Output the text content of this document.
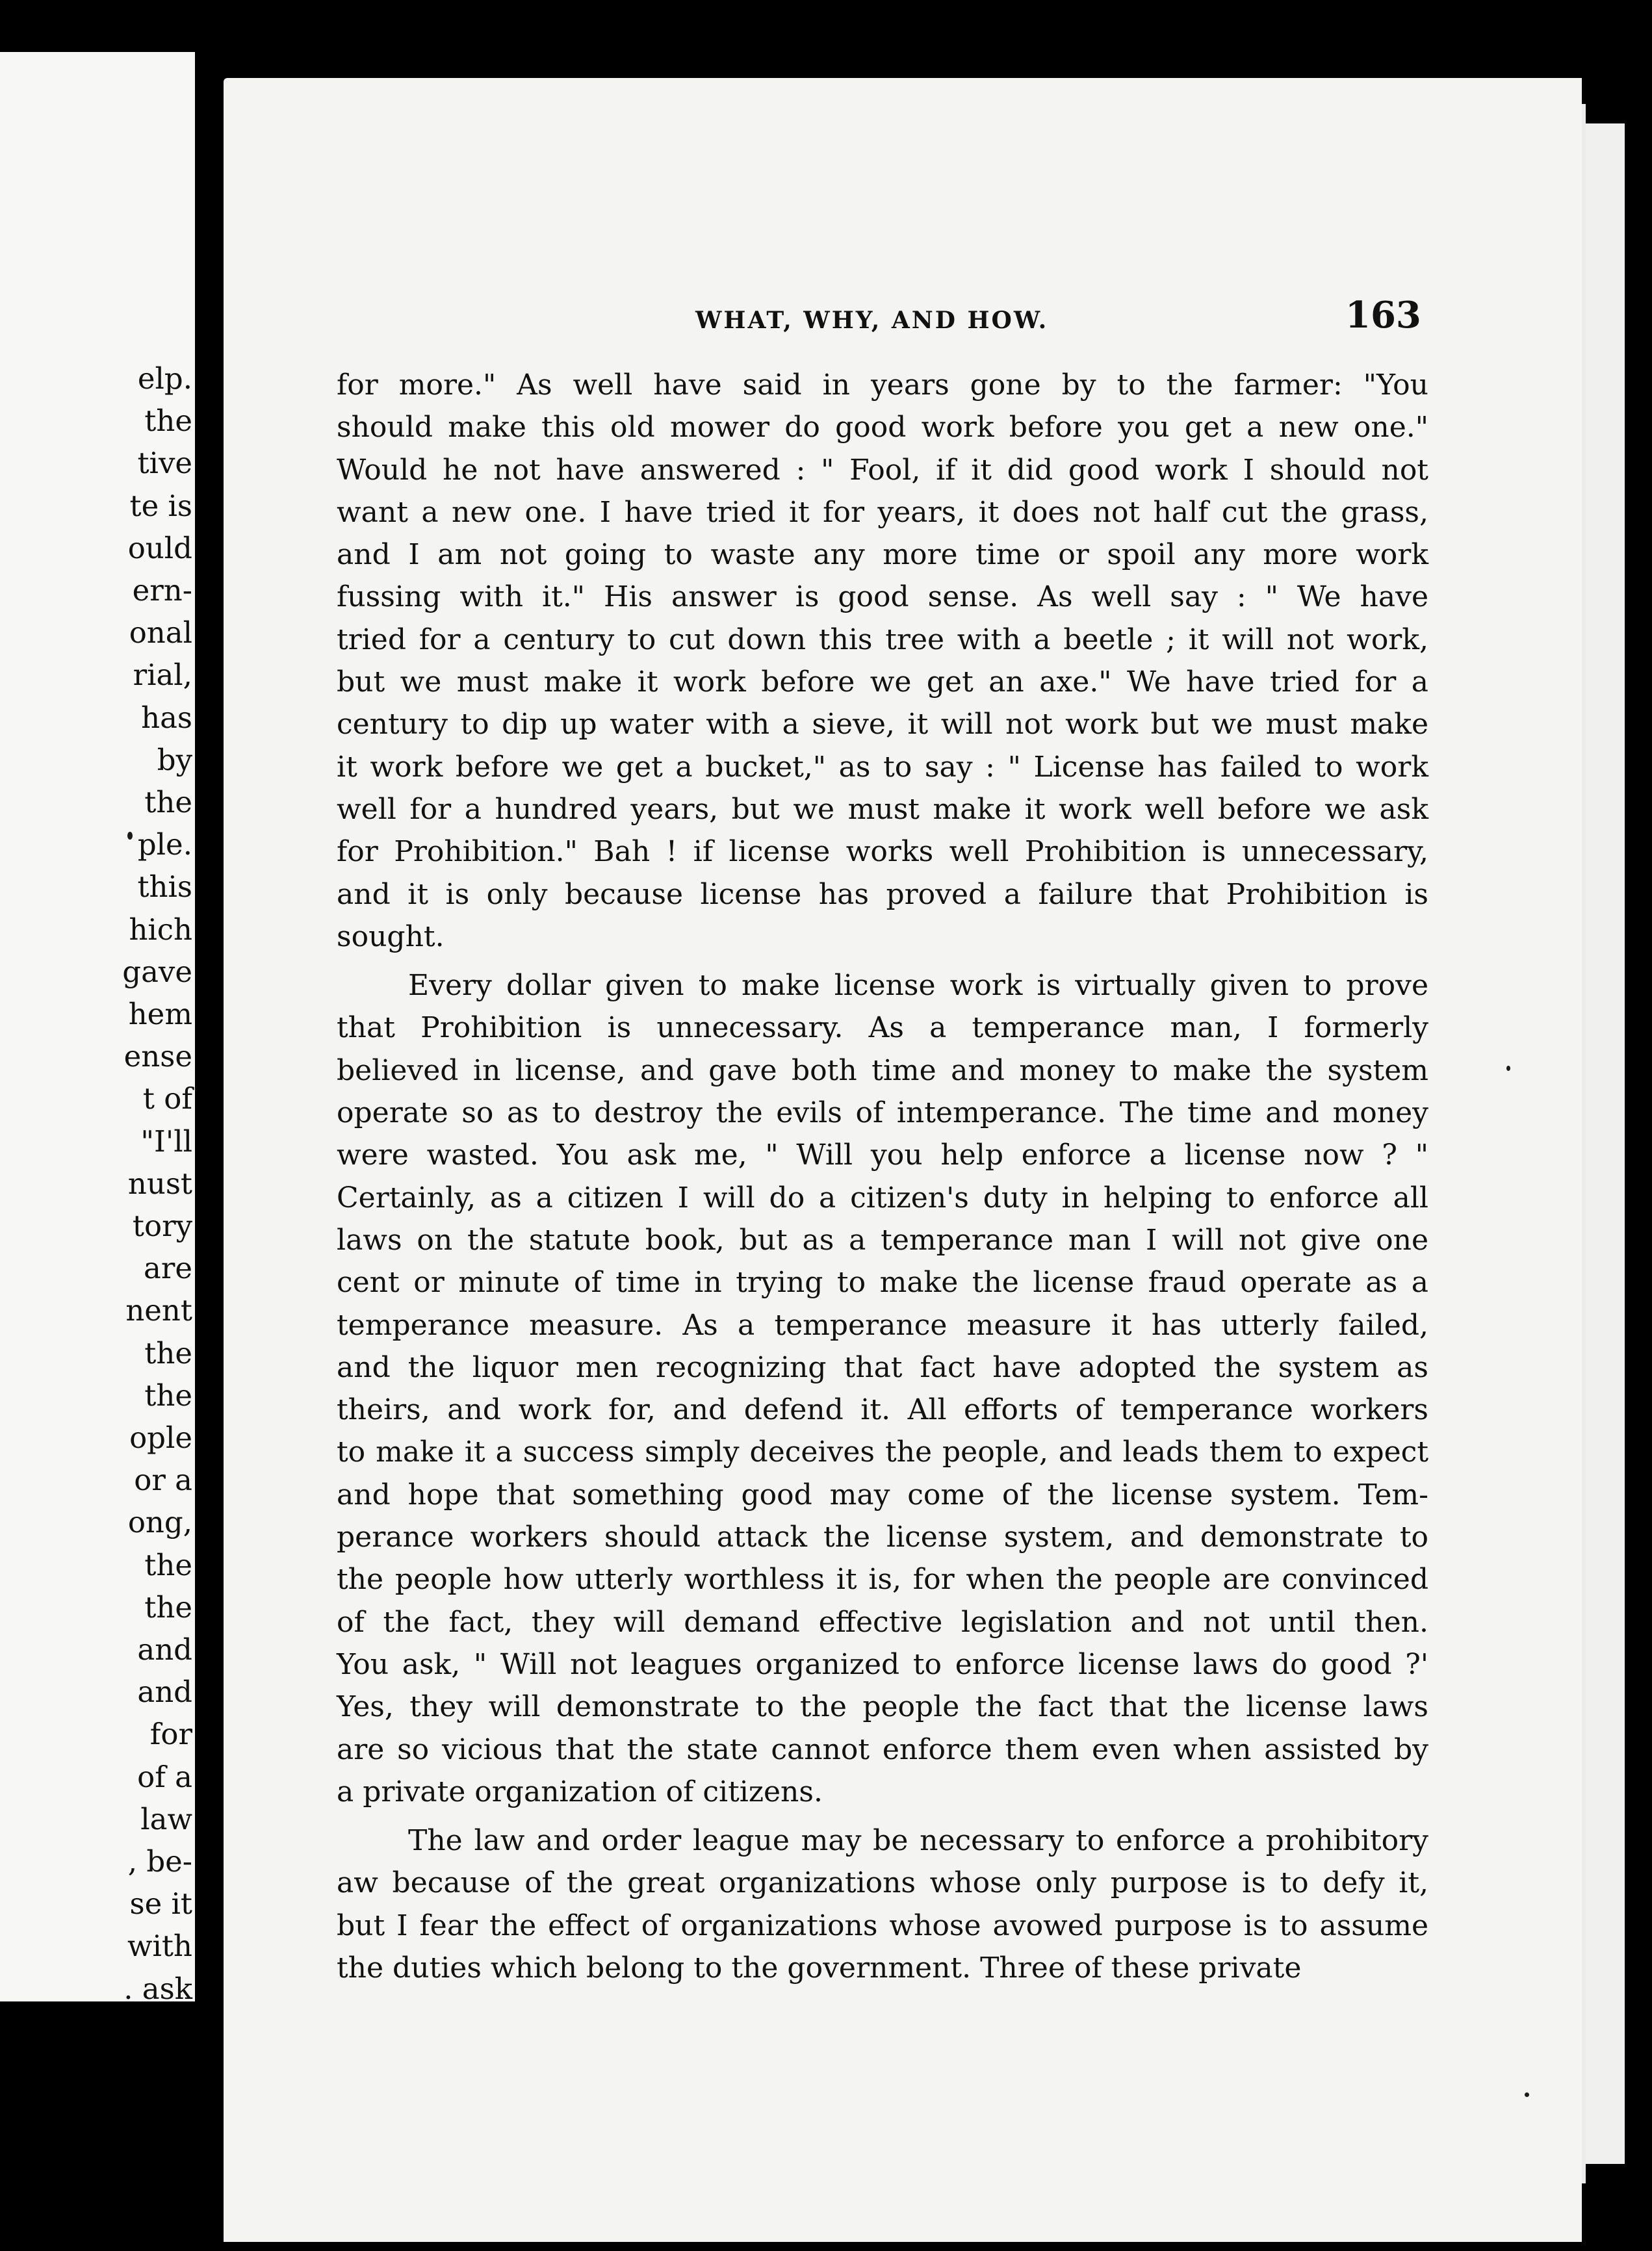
elp.
the
tive
te is
ould
ern-
onal
rial,
has
by
the
ple.
this
hich
gave
hem
ense
t of
"I'll
nust
tory
are
nent
the
the
ople
or a
ong,
the
the
and
and
for
of a
law
, be-
se it
with
. ask
WHAT, WHY, AND HOW.	163
for more." As well have said in years gone by to the farmer: "You
should make this old mower do good work before you get a new one."
Would he not have answered : " Fool, if it did good work I should not
want a new one. I have tried it for years, it does not half cut the grass,
and I am not going to waste any more time or spoil any more work
fussing with it." His answer is good sense. As well say : " We have
tried for a century to cut down this tree with a beetle ; it will not work,
but we must make it work before we get an axe." We have tried for a
century to dip up water with a sieve, it will not work but we must make
it work before we get a bucket," as to say : " License has failed to work
well for a hundred years, but we must make it work well before we ask
for Prohibition." Bah ! if license works well Prohibition is unnecessary,
and it is only because license has proved a failure that Prohibition is
sought.
Every dollar given to make license work is virtually given to prove
that Prohibition is unnecessary. As a temperance man, I formerly
believed in license, and gave both time and money to make the system
operate so as to destroy the evils of intemperance. The time and money
were wasted. You ask me, " Will you help enforce a license now ? "
Certainly, as a citizen I will do a citizen's duty in helping to enforce all
laws on the statute book, but as a temperance man I will not give one
cent or minute of time in trying to make the license fraud operate as a
temperance measure. As a temperance measure it has utterly failed,
and the liquor men recognizing that fact have adopted the system as
theirs, and work for, and defend it. All efforts of temperance workers
to make it a success simply deceives the people, and leads them to expect
and hope that something good may come of the license system. Tem-
perance workers should attack the license system, and demonstrate to
the people how utterly worthless it is, for when the people are convinced
of the fact, they will demand effective legislation and not until then.
You ask, " Will not leagues organized to enforce license laws do good ?'
Yes, they will demonstrate to the people the fact that the license laws
are so vicious that the state cannot enforce them even when assisted by
a private organization of citizens.
The law and order league may be necessary to enforce a prohibitory
aw because of the great organizations whose only purpose is to defy it,
but I fear the effect of organizations whose avowed purpose is to assume
the duties which belong to the government. Three of these private
